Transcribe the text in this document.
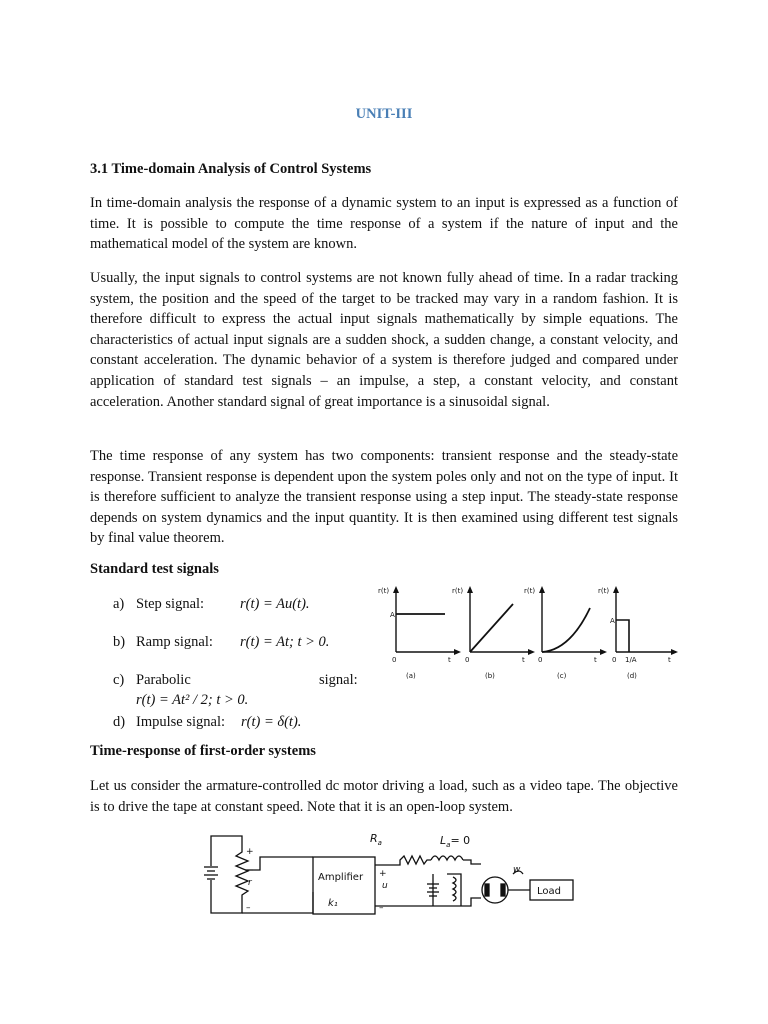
UNIT-III
3.1 Time-domain Analysis of Control Systems

In time-domain analysis the response of a dynamic system to an input is expressed as a function of time. It is possible to compute the time response of a system if the nature of input and the mathematical model of the system are known.

Usually, the input signals to control systems are not known fully ahead of time. In a radar tracking system, the position and the speed of the target to be tracked may vary in a random fashion. It is therefore difficult to express the actual input signals mathematically by simple equations. The characteristics of actual input signals are a sudden shock, a sudden change, a constant velocity, and constant acceleration. The dynamic behavior of a system is therefore judged and compared under application of standard test signals – an impulse, a step, a constant velocity, and constant acceleration. Another standard signal of great importance is a sinusoidal signal.

The time response of any system has two components: transient response and the steady-state response. Transient response is dependent upon the system poles only and not on the type of input. It is therefore sufficient to analyze the transient response using a step input. The steady-state response depends on system dynamics and the input quantity. It is then examined using different test signals by final value theorem.

Standard test signals
a) Step signal: r(t) = Au(t).
b) Ramp signal: r(t) = At; t > 0.
c) Parabolic	signal:
r(t) = At² / 2; t > 0.
d) Impulse signal: r(t) = δ(t).
r(t)	r(t)	r(t)	r(t)
A
A
0	0	0	0 1/A
t	t	t	t
(a)	(b)	(c)	(d)
Time-response of first-order systems

Let us consider the armature-controlled dc motor driving a load, such as a video tape. The objective is to drive the tape at constant speed. Note that it is an open-loop system.

$R_a$	$L_a= 0$
r	u
w
k₁
Amplifier
Load
+
–
+
–
